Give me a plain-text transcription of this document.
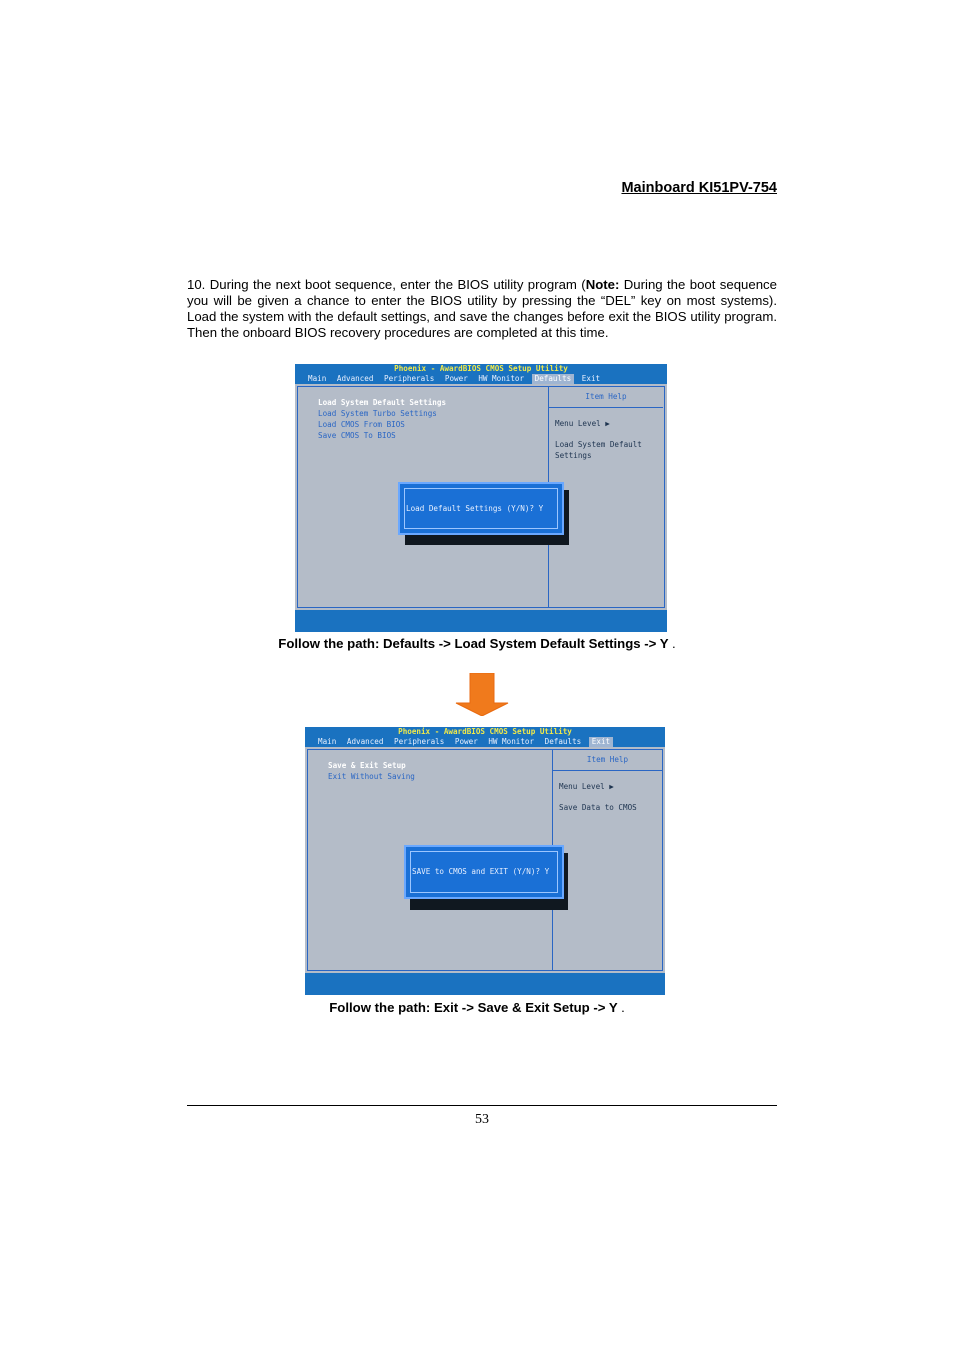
Mainboard KI51PV-754
10. During the next boot sequence, enter the BIOS utility program (Note: During the boot sequence you will be given a chance to enter the BIOS utility by pressing the “DEL” key on most systems). Load the system with the default settings, and save the changes before exit the BIOS utility program. Then the onboard BIOS recovery procedures are completed at this time.
Phoenix - AwardBIOS CMOS Setup Utility
Main Advanced Peripherals Power HW Monitor Defaults Exit
Load System Default Settings
Load System Turbo Settings
Load CMOS From BIOS
Save CMOS To BIOS
Item Help
Menu Level ▶
Load System Default
Settings
Load Default Settings (Y/N)? Y

Follow the path: Defaults -> Load System Default Settings -> Y .
Phoenix - AwardBIOS CMOS Setup Utility
Main Advanced Peripherals Power HW Monitor Defaults Exit
Save & Exit Setup
Exit Without Saving
Item Help
Menu Level ▶
Save Data to CMOS
SAVE to CMOS and EXIT (Y/N)? Y

Follow the path: Exit -> Save & Exit Setup -> Y .
53
